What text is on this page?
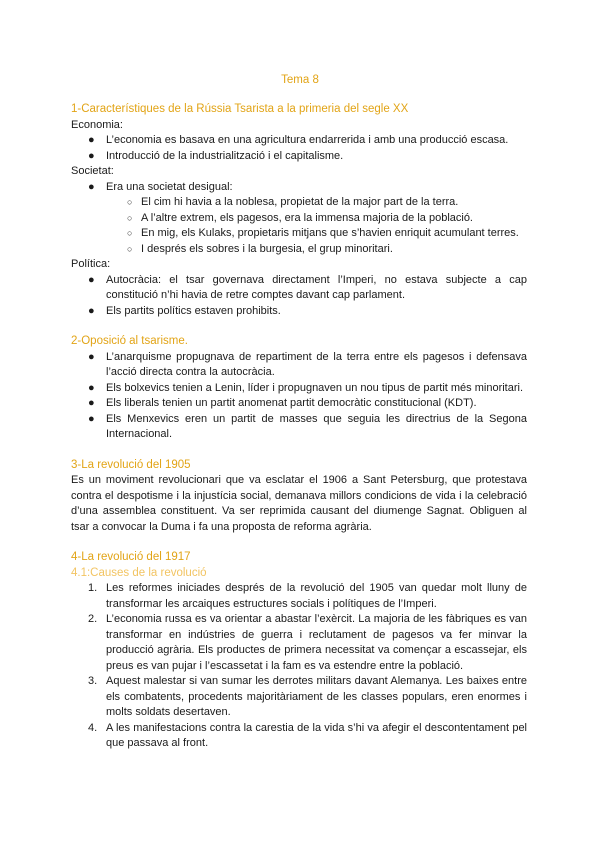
Tema 8

1-Característiques de la Rússia Tsarista a la primeria del segle XX

Economia:

● L’economia es basava en una agricultura endarrerida i amb una producció escasa.
● Introducció de la industrialització i el capitalisme.

Societat:

● Era una societat desigual:
○ El cim hi havia a la noblesa, propietat de la major part de la terra.
○ A l’altre extrem, els pagesos, era la immensa majoria de la població.
○ En mig, els Kulaks, propietaris mitjans que s’havien enriquit acumulant terres.
○ I després els sobres i la burgesia, el grup minoritari.

Política:

● Autocràcia: el tsar governava directament l’Imperi, no estava subjecte a cap constitució n’hi havia de retre comptes davant cap parlament.
● Els partits polítics estaven prohibits.

2-Oposició al tsarisme.

● L’anarquisme propugnava de repartiment de la terra entre els pagesos i defensava l’acció directa contra la autocràcia.
● Els bolxevics tenien a Lenin, líder i propugnaven un nou tipus de partit més minoritari.
● Els liberals tenien un partit anomenat partit democràtic constitucional (KDT).
● Els Menxevics eren un partit de masses que seguia les directrius de la Segona Internacional.

3-La revolució del 1905

Es un moviment revolucionari que va esclatar el 1906 a Sant Petersburg, que protestava contra el despotisme i la injustícia social, demanava millors condicions de vida i la celebració d’una assemblea constituent. Va ser reprimida causant del diumenge Sagnat. Obliguen al tsar a convocar la Duma i fa una proposta de reforma agrària.

4-La revolució del 1917

4.1:Causes de la revolució

1. Les reformes iniciades després de la revolució del 1905 van quedar molt lluny de transformar les arcaiques estructures socials i polítiques de l’Imperi.
2. L’economia russa es va orientar a abastar l’exèrcit. La majoria de les fàbriques es van transformar en indústries de guerra i reclutament de pagesos va fer minvar la producció agrària. Els productes de primera necessitat va començar a escassejar, els preus es van pujar i l’escassetat i la fam es va estendre entre la població.
3. Aquest malestar si van sumar les derrotes militars davant Alemanya. Les baixes entre els combatents, procedents majoritàriament de les classes populars, eren enormes i molts soldats desertaven.
4. A les manifestacions contra la carestia de la vida s’hi va afegir el descontentament pel que passava al front.
